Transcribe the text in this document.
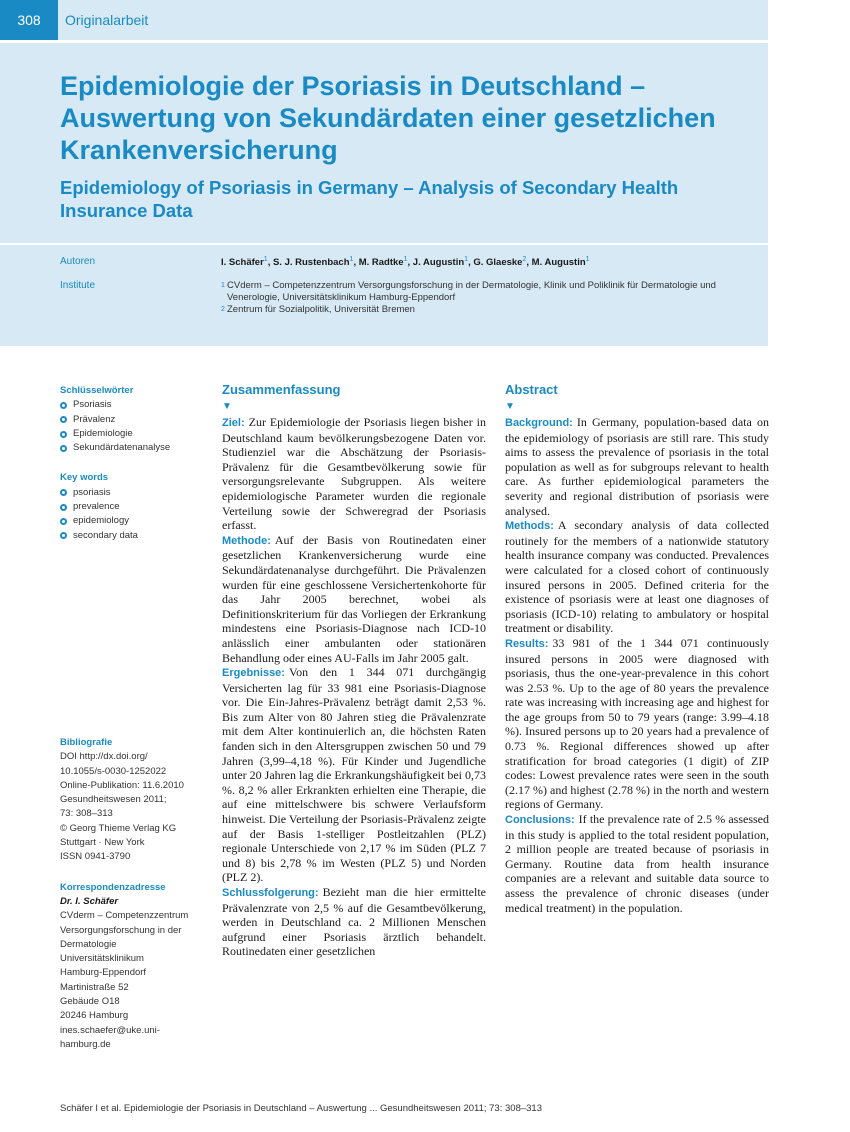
308	Originalarbeit
Epidemiologie der Psoriasis in Deutschland – Auswertung von Sekundärdaten einer gesetzlichen Krankenversicherung
Epidemiology of Psoriasis in Germany – Analysis of Secondary Health Insurance Data
Autoren	I. Schäfer$^1$, S. J. Rustenbach$^1$, M. Radtke$^1$, J. Augustin$^1$, G. Glaeske$^2$, M. Augustin$^1$
Institute	1 CVderm – Competenzzentrum Versorgungsforschung in der Dermatologie, Klinik und Poliklinik für Dermatologie und Venerologie, Universitätsklinikum Hamburg-Eppendorf
2 Zentrum für Sozialpolitik, Universität Bremen
Schlüsselwörter
Psoriasis
Prävalenz
Epidemiologie
Sekundärdatenanalyse
Key words
psoriasis
prevalence
epidemiology
secondary data
Bibliografie
DOI http://dx.doi.org/
10.1055/s-0030-1252022
Online-Publikation: 11.6.2010
Gesundheitswesen 2011;
73: 308–313
© Georg Thieme Verlag KG
Stuttgart · New York
ISSN 0941-3790
Korrespondenzadresse
Dr. I. Schäfer
CVderm – Competenzzentrum
Versorgungsforschung in der
Dermatologie
Universitätsklinikum
Hamburg-Eppendorf
Martinistraße 52
Gebäude O18
20246 Hamburg
ines.schaefer@uke.uni-
hamburg.de
Zusammenfassung
▼

Ziel: Zur Epidemiologie der Psoriasis liegen bisher in Deutschland kaum bevölkerungsbezogene Daten vor. Studienziel war die Abschätzung der Psoriasis-Prävalenz für die Gesamtbevölkerung sowie für versorgungsrelevante Subgruppen. Als weitere epidemiologische Parameter wurden die regionale Verteilung sowie der Schweregrad der Psoriasis erfasst.

Methode: Auf der Basis von Routinedaten einer gesetzlichen Krankenversicherung wurde eine Sekundärdatenanalyse durchgeführt. Die Prävalenzen wurden für eine geschlossene Versichertenkohorte für das Jahr 2005 berechnet, wobei als Definitionskriterium für das Vorliegen der Erkrankung mindestens eine Psoriasis-Diagnose nach ICD-10 anlässlich einer ambulanten oder stationären Behandlung oder eines AU-Falls im Jahr 2005 galt.

Ergebnisse: Von den 1 344 071 durchgängig Versicherten lag für 33 981 eine Psoriasis-Diagnose vor. Die Ein-Jahres-Prävalenz beträgt damit 2,53 %. Bis zum Alter von 80 Jahren stieg die Prävalenzrate mit dem Alter kontinuierlich an, die höchsten Raten fanden sich in den Altersgruppen zwischen 50 und 79 Jahren (3,99–4,18 %). Für Kinder und Jugendliche unter 20 Jahren lag die Erkrankungshäufigkeit bei 0,73 %. 8,2 % aller Erkrankten erhielten eine Therapie, die auf eine mittelschwere bis schwere Verlaufsform hinweist. Die Verteilung der Psoriasis-Prävalenz zeigte auf der Basis 1-stelliger Postleitzahlen (PLZ) regionale Unterschiede von 2,17 % im Süden (PLZ 7 und 8) bis 2,78 % im Westen (PLZ 5) und Norden (PLZ 2).

Schlussfolgerung: Bezieht man die hier ermittelte Prävalenzrate von 2,5 % auf die Gesamtbevölkerung, werden in Deutschland ca. 2 Millionen Menschen aufgrund einer Psoriasis ärztlich behandelt. Routinedaten einer gesetzlichen

Abstract
▼

Background: In Germany, population-based data on the epidemiology of psoriasis are still rare. This study aims to assess the prevalence of psoriasis in the total population as well as for subgroups relevant to health care. As further epidemiological parameters the severity and regional distribution of psoriasis were analysed.

Methods: A secondary analysis of data collected routinely for the members of a nationwide statutory health insurance company was conducted. Prevalences were calculated for a closed cohort of continuously insured persons in 2005. Defined criteria for the existence of psoriasis were at least one diagnoses of psoriasis (ICD-10) relating to ambulatory or hospital treatment or disability.

Results: 33 981 of the 1 344 071 continuously insured persons in 2005 were diagnosed with psoriasis, thus the one-year-prevalence in this cohort was 2.53 %. Up to the age of 80 years the prevalence rate was increasing with increasing age and highest for the age groups from 50 to 79 years (range: 3.99–4.18 %). Insured persons up to 20 years had a prevalence of 0.73 %. Regional differences showed up after stratification for broad categories (1 digit) of ZIP codes: Lowest prevalence rates were seen in the south (2.17 %) and highest (2.78 %) in the north and western regions of Germany.

Conclusions: If the prevalence rate of 2.5 % assessed in this study is applied to the total resident population, 2 million people are treated because of psoriasis in Germany. Routine data from health insurance companies are a relevant and suitable data source to assess the prevalence of chronic diseases (under medical treatment) in the population.

Schäfer I et al. Epidemiologie der Psoriasis in Deutschland – Auswertung ... Gesundheitswesen 2011; 73: 308–313
